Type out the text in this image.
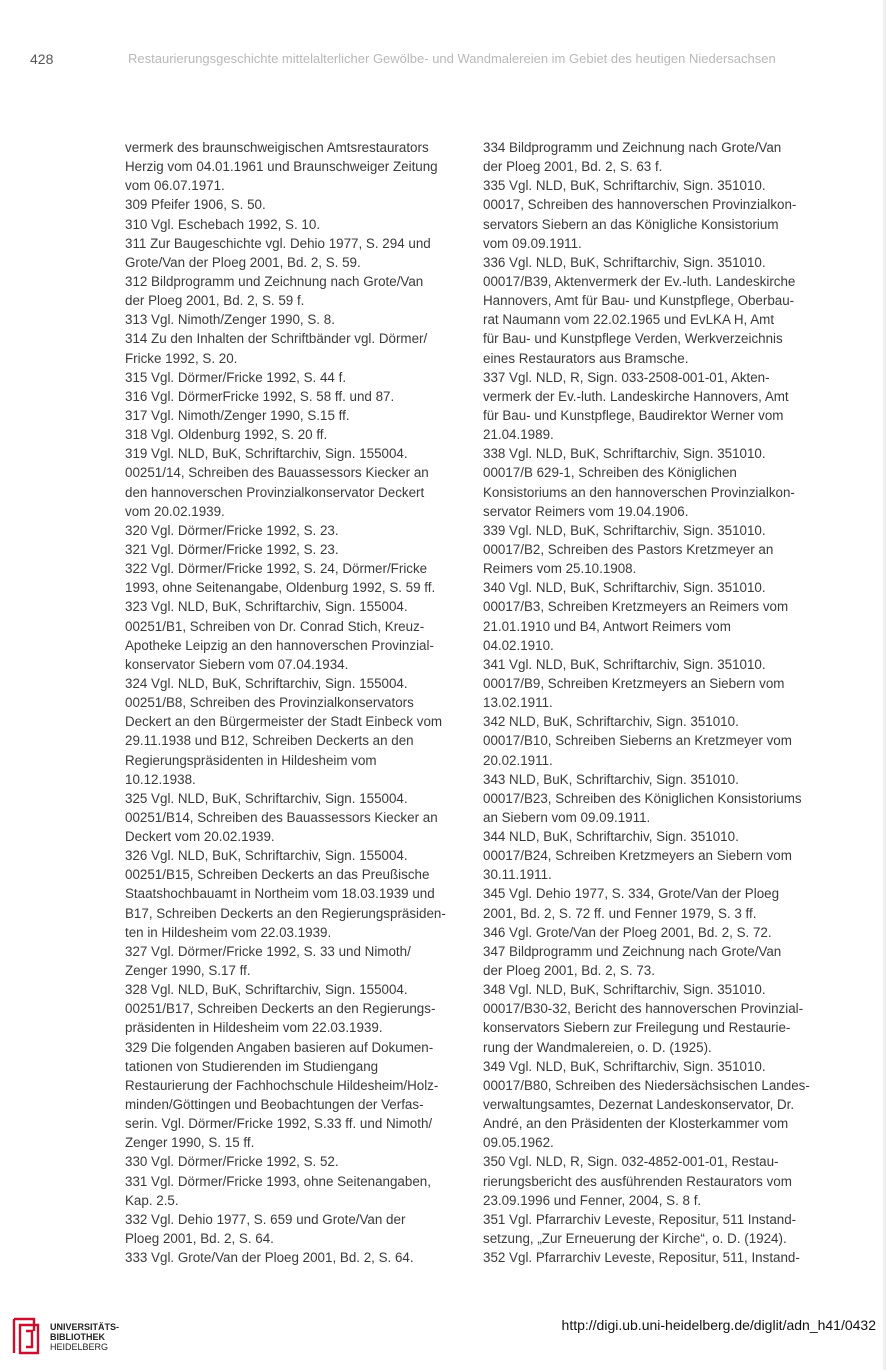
428	Restaurierungsgeschichte mittelalterlicher Gewölbe- und Wandmalereien im Gebiet des heutigen Niedersachsen
vermerk des braunschweigischen Amtsrestaurators
Herzig vom 04.01.1961 und Braunschweiger Zeitung
vom 06.07.1971.
309 Pfeifer 1906, S. 50.
310 Vgl. Eschebach 1992, S. 10.
311 Zur Baugeschichte vgl. Dehio 1977, S. 294 und
Grote/Van der Ploeg 2001, Bd. 2, S. 59.
312 Bildprogramm und Zeichnung nach Grote/Van
der Ploeg 2001, Bd. 2, S. 59 f.
313 Vgl. Nimoth/Zenger 1990, S. 8.
314 Zu den Inhalten der Schriftbänder vgl. Dörmer/
Fricke 1992, S. 20.
315 Vgl. Dörmer/Fricke 1992, S. 44 f.
316 Vgl. DörmerFricke 1992, S. 58 ff. und 87.
317 Vgl. Nimoth/Zenger 1990, S.15 ff.
318 Vgl. Oldenburg 1992, S. 20 ff.
319 Vgl. NLD, BuK, Schriftarchiv, Sign. 155004.
00251/14, Schreiben des Bauassessors Kiecker an
den hannoverschen Provinzialkonservator Deckert
vom 20.02.1939.
320 Vgl. Dörmer/Fricke 1992, S. 23.
321 Vgl. Dörmer/Fricke 1992, S. 23.
322 Vgl. Dörmer/Fricke 1992, S. 24, Dörmer/Fricke
1993, ohne Seitenangabe, Oldenburg 1992, S. 59 ff.
323 Vgl. NLD, BuK, Schriftarchiv, Sign. 155004.
00251/B1, Schreiben von Dr. Conrad Stich, Kreuz-
Apotheke Leipzig an den hannoverschen Provinzial-
konservator Siebern vom 07.04.1934.
324 Vgl. NLD, BuK, Schriftarchiv, Sign. 155004.
00251/B8, Schreiben des Provinzialkonservators
Deckert an den Bürgermeister der Stadt Einbeck vom
29.11.1938 und B12, Schreiben Deckerts an den
Regierungspräsidenten in Hildesheim vom
10.12.1938.
325 Vgl. NLD, BuK, Schriftarchiv, Sign. 155004.
00251/B14, Schreiben des Bauassessors Kiecker an
Deckert vom 20.02.1939.
326 Vgl. NLD, BuK, Schriftarchiv, Sign. 155004.
00251/B15, Schreiben Deckerts an das Preußische
Staatshochbauamt in Northeim vom 18.03.1939 und
B17, Schreiben Deckerts an den Regierungspräsiden-
ten in Hildesheim vom 22.03.1939.
327 Vgl. Dörmer/Fricke 1992, S. 33 und Nimoth/
Zenger 1990, S.17 ff.
328 Vgl. NLD, BuK, Schriftarchiv, Sign. 155004.
00251/B17, Schreiben Deckerts an den Regierungs-
präsidenten in Hildesheim vom 22.03.1939.
329 Die folgenden Angaben basieren auf Dokumen-
tationen von Studierenden im Studiengang
Restaurierung der Fachhochschule Hildesheim/Holz-
minden/Göttingen und Beobachtungen der Verfas-
serin. Vgl. Dörmer/Fricke 1992, S.33 ff. und Nimoth/
Zenger 1990, S. 15 ff.
330 Vgl. Dörmer/Fricke 1992, S. 52.
331 Vgl. Dörmer/Fricke 1993, ohne Seitenangaben,
Kap. 2.5.
332 Vgl. Dehio 1977, S. 659 und Grote/Van der
Ploeg 2001, Bd. 2, S. 64.
333 Vgl. Grote/Van der Ploeg 2001, Bd. 2, S. 64.
334 Bildprogramm und Zeichnung nach Grote/Van
der Ploeg 2001, Bd. 2, S. 63 f.
335 Vgl. NLD, BuK, Schriftarchiv, Sign. 351010.
00017, Schreiben des hannoverschen Provinzialkon-
servators Siebern an das Königliche Konsistorium
vom 09.09.1911.
336 Vgl. NLD, BuK, Schriftarchiv, Sign. 351010.
00017/B39, Aktenvermerk der Ev.-luth. Landeskirche
Hannovers, Amt für Bau- und Kunstpflege, Oberbau-
rat Naumann vom 22.02.1965 und EvLKA H, Amt
für Bau- und Kunstpflege Verden, Werkverzeichnis
eines Restaurators aus Bramsche.
337 Vgl. NLD, R, Sign. 033-2508-001-01, Akten-
vermerk der Ev.-luth. Landeskirche Hannovers, Amt
für Bau- und Kunstpflege, Baudirektor Werner vom
21.04.1989.
338 Vgl. NLD, BuK, Schriftarchiv, Sign. 351010.
00017/B 629-1, Schreiben des Königlichen
Konsistoriums an den hannoverschen Provinzialkon-
servator Reimers vom 19.04.1906.
339 Vgl. NLD, BuK, Schriftarchiv, Sign. 351010.
00017/B2, Schreiben des Pastors Kretzmeyer an
Reimers vom 25.10.1908.
340 Vgl. NLD, BuK, Schriftarchiv, Sign. 351010.
00017/B3, Schreiben Kretzmeyers an Reimers vom
21.01.1910 und B4, Antwort Reimers vom
04.02.1910.
341 Vgl. NLD, BuK, Schriftarchiv, Sign. 351010.
00017/B9, Schreiben Kretzmeyers an Siebern vom
13.02.1911.
342 NLD, BuK, Schriftarchiv, Sign. 351010.
00017/B10, Schreiben Sieberns an Kretzmeyer vom
20.02.1911.
343 NLD, BuK, Schriftarchiv, Sign. 351010.
00017/B23, Schreiben des Königlichen Konsistoriums
an Siebern vom 09.09.1911.
344 NLD, BuK, Schriftarchiv, Sign. 351010.
00017/B24, Schreiben Kretzmeyers an Siebern vom
30.11.1911.
345 Vgl. Dehio 1977, S. 334, Grote/Van der Ploeg
2001, Bd. 2, S. 72 ff. und Fenner 1979, S. 3 ff.
346 Vgl. Grote/Van der Ploeg 2001, Bd. 2, S. 72.
347 Bildprogramm und Zeichnung nach Grote/Van
der Ploeg 2001, Bd. 2, S. 73.
348 Vgl. NLD, BuK, Schriftarchiv, Sign. 351010.
00017/B30-32, Bericht des hannoverschen Provinzial-
konservators Siebern zur Freilegung und Restaurie-
rung der Wandmalereien, o. D. (1925).
349 Vgl. NLD, BuK, Schriftarchiv, Sign. 351010.
00017/B80, Schreiben des Niedersächsischen Landes-
verwaltungsamtes, Dezernat Landeskonservator, Dr.
André, an den Präsidenten der Klosterkammer vom
09.05.1962.
350 Vgl. NLD, R, Sign. 032-4852-001-01, Restau-
rierungsbericht des ausführenden Restaurators vom
23.09.1996 und Fenner, 2004, S. 8 f.
351 Vgl. Pfarrarchiv Leveste, Repositur, 511 Instand-
setzung, „Zur Erneuerung der Kirche“, o. D. (1924).
352 Vgl. Pfarrarchiv Leveste, Repositur, 511, Instand-
UNIVERSITÄTS-
BIBLIOTHEK
HEIDELBERG
http://digi.ub.uni-heidelberg.de/diglit/adn_h41/0432
